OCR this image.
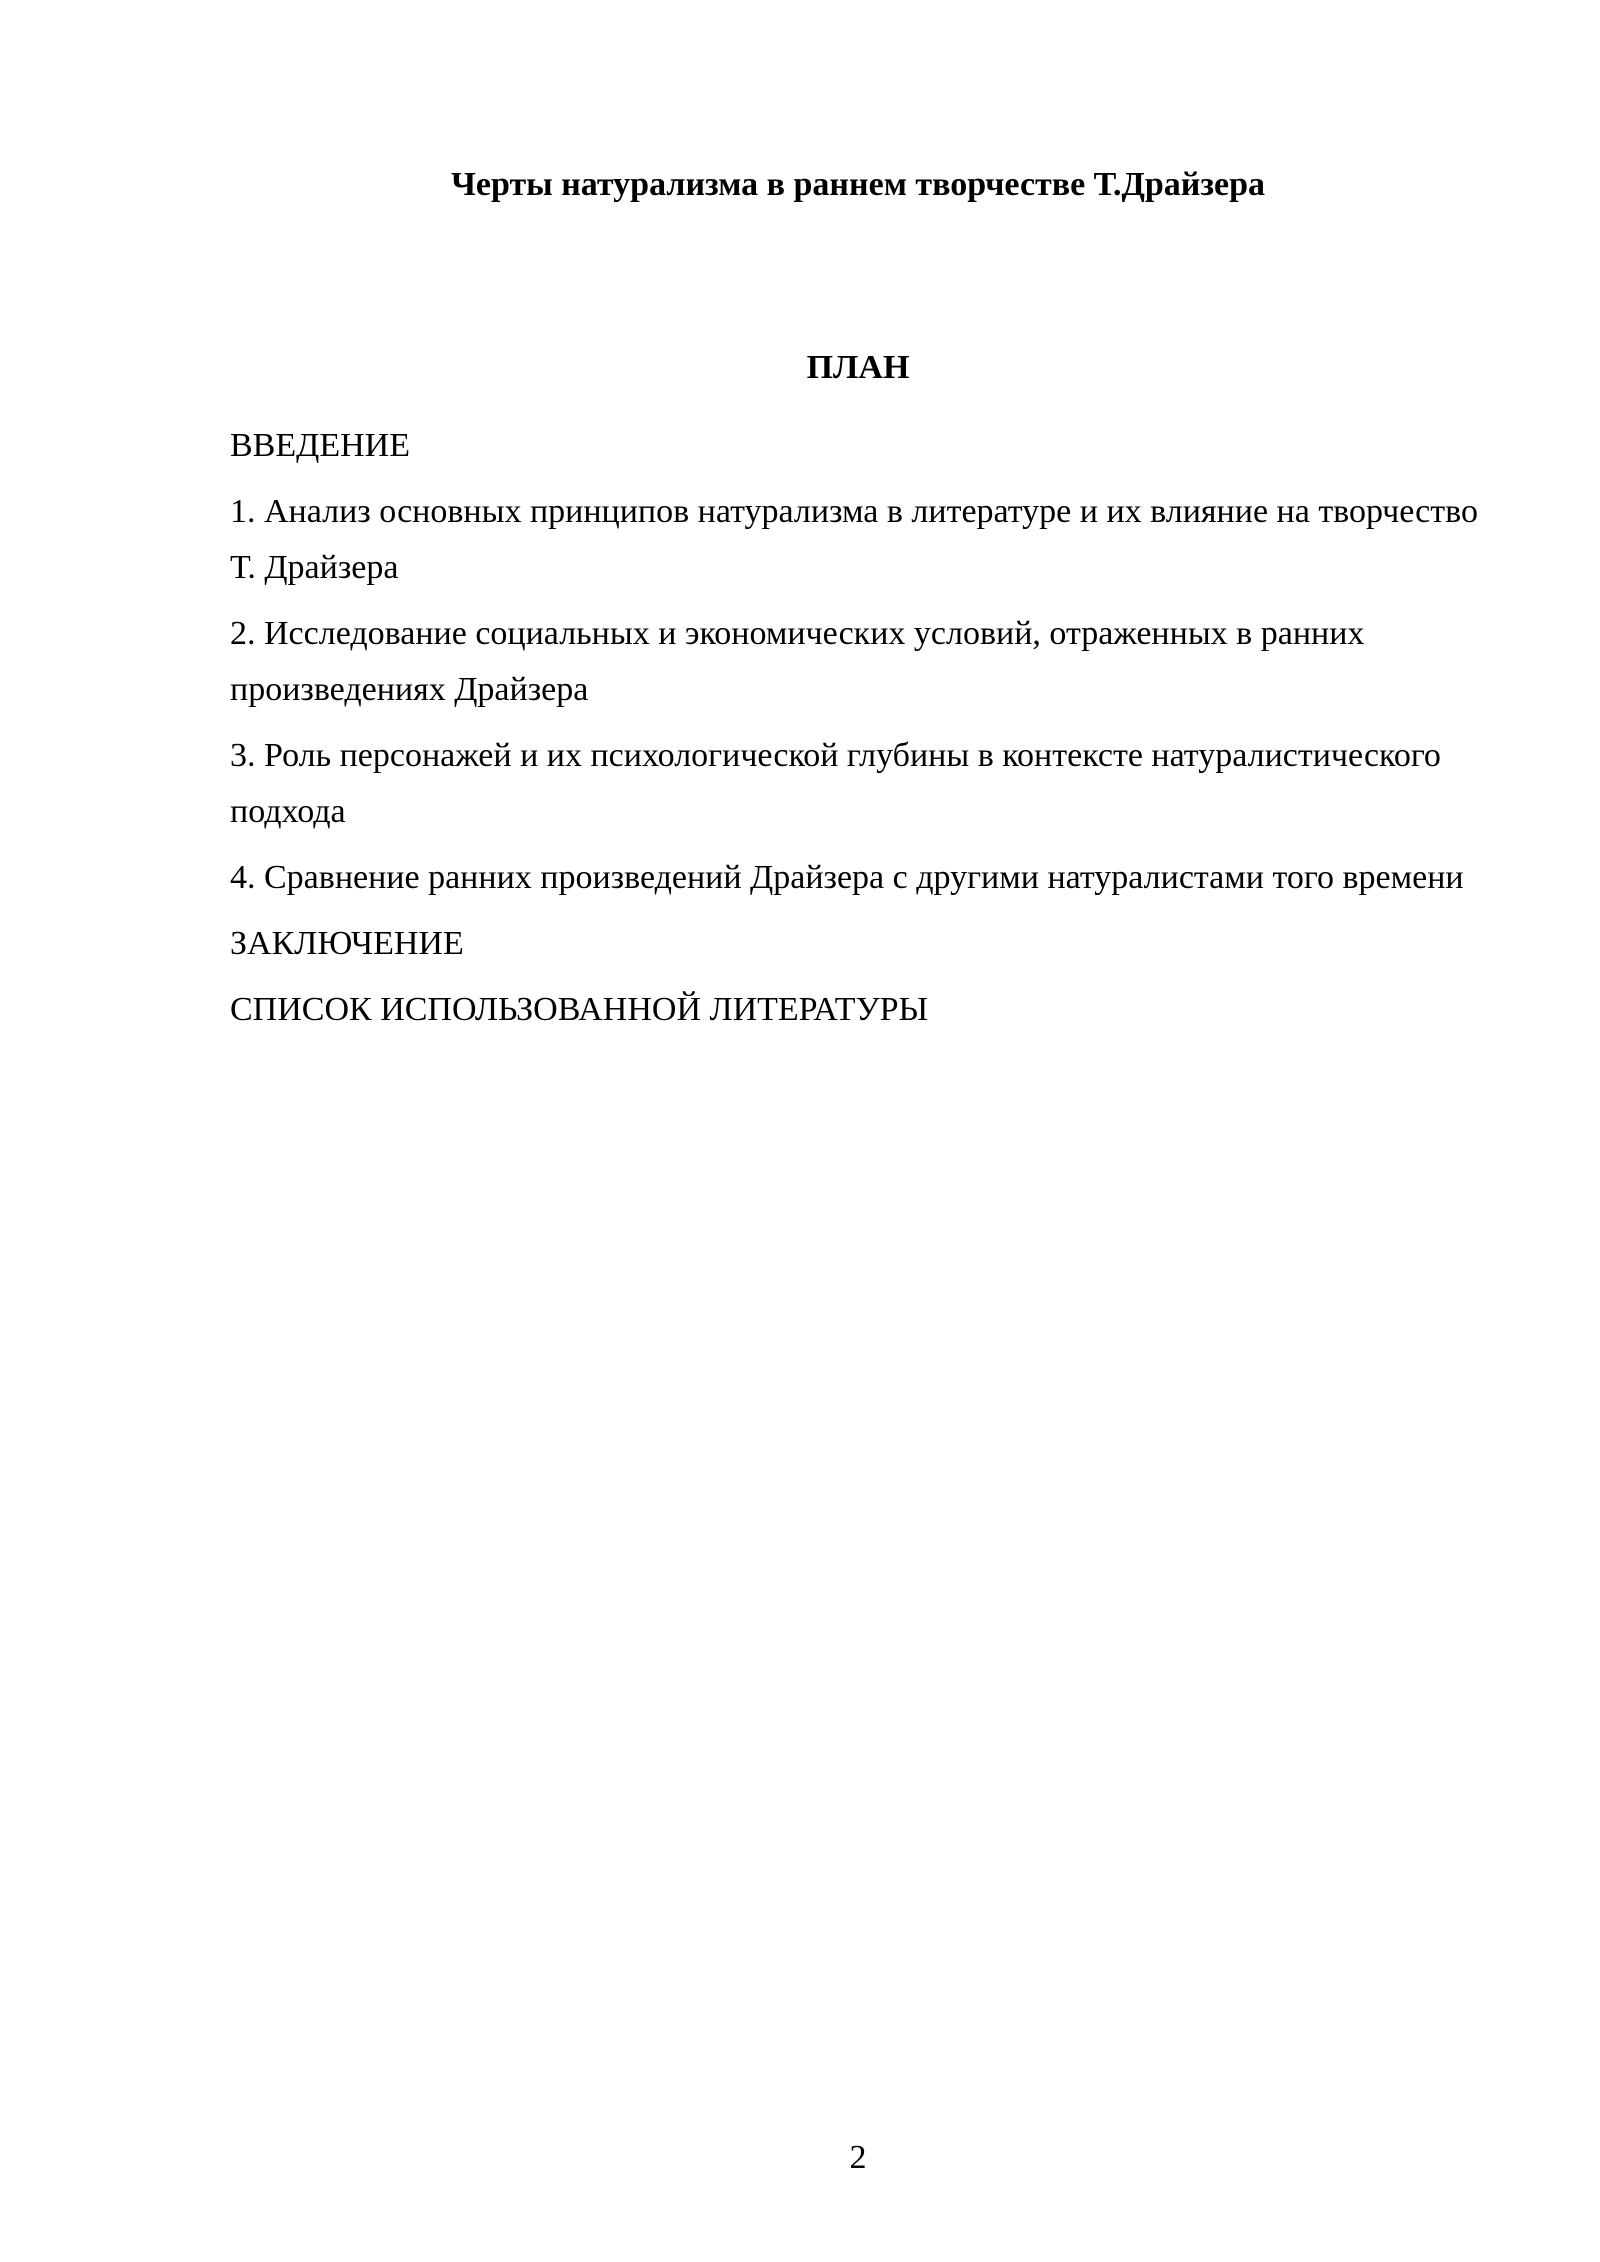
Черты натурализма в раннем творчестве Т.Драйзера
ПЛАН
ВВЕДЕНИЕ
1. Анализ основных принципов натурализма в литературе и их влияние на творчество Т. Драйзера
2. Исследование социальных и экономических условий, отраженных в ранних произведениях Драйзера
3. Роль персонажей и их психологической глубины в контексте натуралистического подхода
4. Сравнение ранних произведений Драйзера с другими натуралистами того времени
ЗАКЛЮЧЕНИЕ
СПИСОК ИСПОЛЬЗОВАННОЙ ЛИТЕРАТУРЫ
2
